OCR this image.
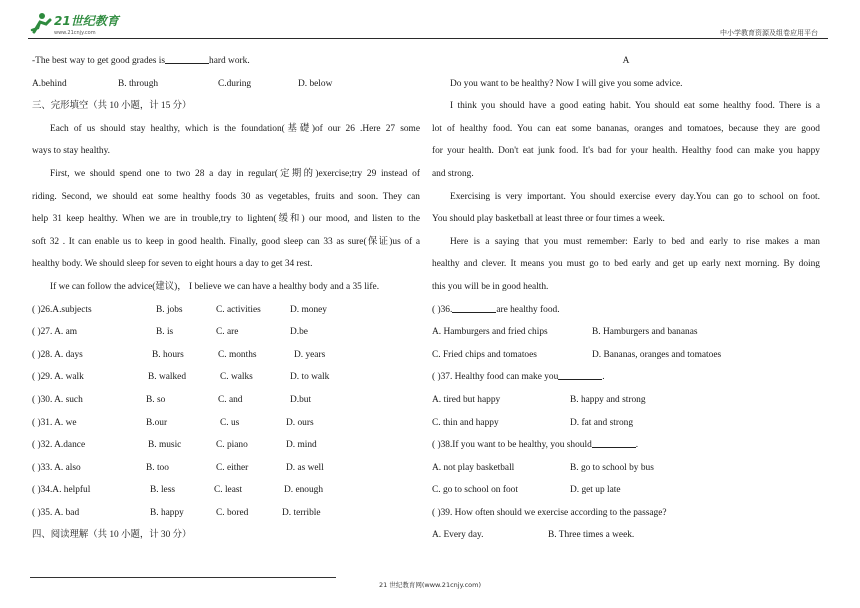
21世纪教育
www.21cnjy.com	中小学教育资源及组卷应用平台
-The best way to get good grades is	hard work.
A.behind	B. through	C.during	D. below
三、完形填空（共 10 小题，计 15 分）
Each of us should stay healthy, which is the foundation(基礎)of our 26 .Here 27 some
ways to stay healthy.
First, we should spend one to two 28 a day in regular(定期的)exercise;try 29 instead of
riding. Second, we should eat some healthy foods 30 as vegetables, fruits and soon. They can
help 31 keep healthy. When we are in trouble,try to lighten(缓和) our mood, and listen to the
soft 32 . It can enable us to keep in good health. Finally, good sleep can 33 as sure(保证)us of a
healthy body. We should sleep for seven to eight hours a day to get 34 rest.
If we can follow the advice(建议)， I believe we can have a healthy body and a 35 life.
( )26.A.subjects	B. jobs	C. activities	D. money
( )27. A. am	B. is	C. are	D.be
( )28. A. days	B. hours	C. months	D. years
( )29. A. walk	B. walked	C. walks	D. to walk
( )30. A. such	B. so	C. and	D.but
( )31. A. we	B.our	C. us	D. ours
( )32. A.dance	B. music	C. piano	D. mind
( )33. A. also	B. too	C. either	D. as well
( )34.A. helpful	B. less	C. least	D. enough
( )35. A. bad	B. happy	C. bored	D. terrible
四、阅读理解（共 10 小题，计 30 分）
A
Do you want to be healthy? Now I will give you some advice.
I think you should have a good eating habit. You should eat some healthy food. There is a
lot of healthy food. You can eat some bananas, oranges and tomatoes, because they are good
for your health. Don't eat junk food. It's bad for your health. Healthy food can make you happy
and strong.
Exercising is very important. You should exercise every day.You can go to school on foot.
You should play basketball at least three or four times a week.
Here is a saying that you must remember: Early to bed and early to rise makes a man
healthy and clever. It means you must go to bed early and get up early next morning. By doing
this you will be in good health.
( )36.	are healthy food.
A. Hamburgers and fried chips	B. Hamburgers and bananas
C. Fried chips and tomatoes	D. Bananas, oranges and tomatoes
( )37. Healthy food can make you	.
A. tired but happy	B. happy and strong
C. thin and happy	D. fat and strong
( )38.If you want to be healthy, you should	.
A. not play basketball	B. go to school by bus
C. go to school on foot	D. get up late
( )39. How often should we exercise according to the passage?
A. Every day.	B. Three times a week.
21 世纪教育网(www.21cnjy.com)
